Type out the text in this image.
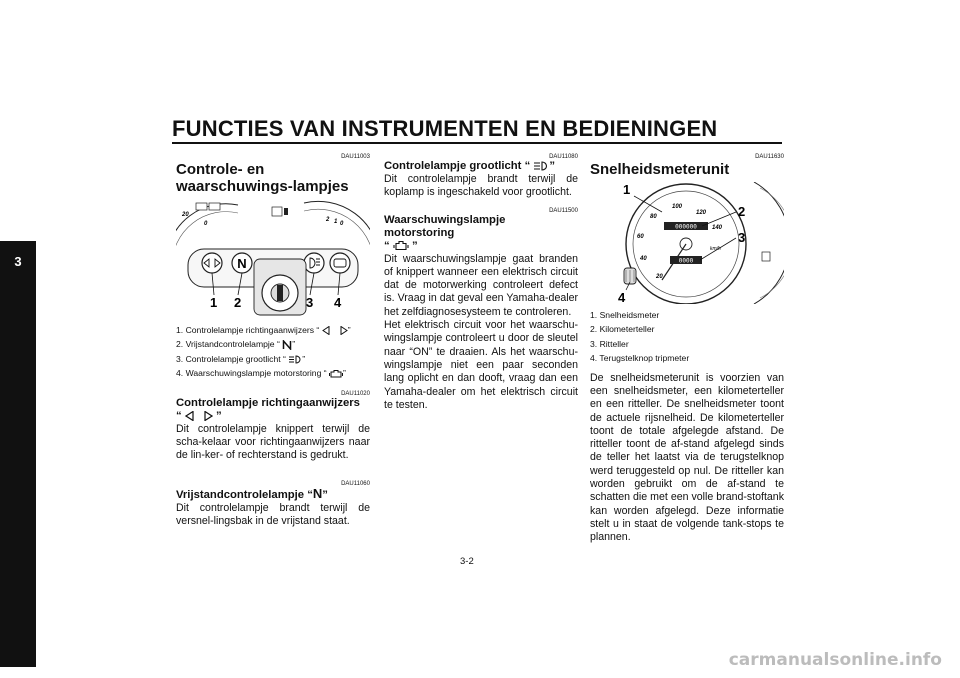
FUNCTIES VAN INSTRUMENTEN EN BEDIENINGEN
3
DAU11003
Controle- en waarschuwings-lampjes
20
0
2 1 0
N
1 2	3 4

1. Controlelampje richtingaanwijzers “	”

2. Vrijstandcontrolelampje “ ”

3. Controlelampje grootlicht “ ”

4. Waarschuwingslampje motorstoring “ ”

DAU11020

Controlelampje richtingaanwijzers

“	”

Dit controlelampje knippert terwijl de scha-kelaar voor richtingaanwijzers naar de lin-ker- of rechterstand is gedrukt.

DAU11060

Vrijstandcontrolelampje “N”

Dit controlelampje brandt terwijl de versnel-lingsbak in de vrijstand staat.

DAU11080

Controlelampje grootlicht “ ”

Dit controlelampje brandt terwijl de koplamp is ingeschakeld voor grootlicht.

DAU11500

Waarschuwingslampje motorstoring

“ ”

Dit waarschuwingslampje gaat branden of knippert wanneer een elektrisch circuit dat de motorwerking controleert defect is. Vraag in dat geval een Yamaha-dealer het zelfdiagnosesysteem te controleren.
Het elektrisch circuit voor het waarschu-wingslampje controleert u door de sleutel naar “ON” te draaien. Als het waarschu-wingslampje niet een paar seconden lang oplicht en dan dooft, vraag dan een Yamaha-dealer om het elektrisch circuit te testen.

DAU11630
Snelheidsmeterunit
20
40
60
80
100
120
140
km/h
000000
0000
1
2
3
4

1. Snelheidsmeter

2. Kilometerteller

3. Ritteller

4. Terugstelknop tripmeter

De snelheidsmeterunit is voorzien van een snelheidsmeter, een kilometerteller en een ritteller. De snelheidsmeter toont de actuele rijsnelheid. De kilometerteller toont de totale afgelegde afstand. De ritteller toont de af-stand afgelegd sinds de teller het laatst via de terugstelknop werd teruggesteld op nul. De ritteller kan worden gebruikt om de af-stand te schatten die met een volle brand-stoftank kan worden afgelegd. Deze informatie stelt u in staat de volgende tank-stops te plannen.

3-2
carmanualsonline.info
